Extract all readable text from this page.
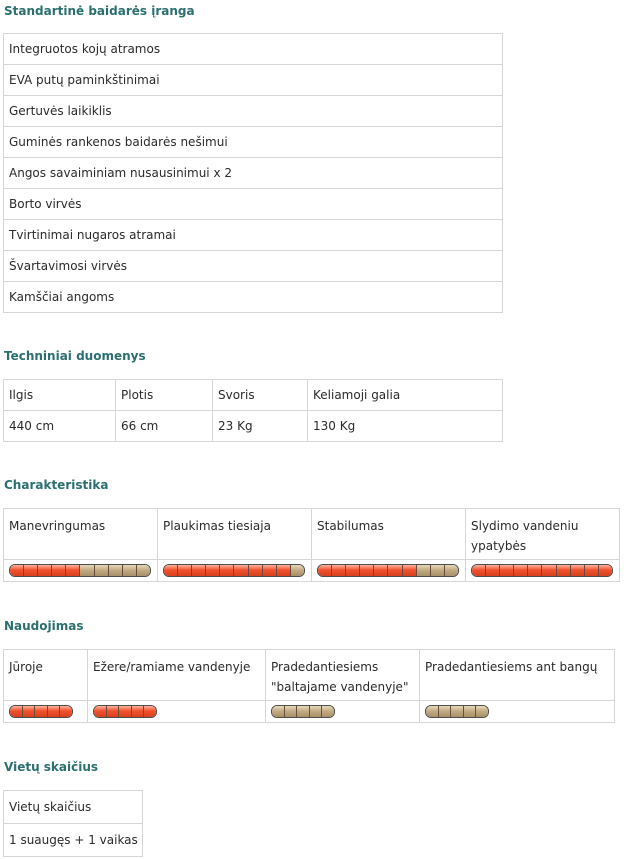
Standartinė baidarės įranga
Integruotos kojų atramos
EVA putų paminkštinimai
Gertuvės laikiklis
Guminės rankenos baidarės nešimui
Angos savaiminiam nusausinimui x 2
Borto virvės
Tvirtinimai nugaros atramai
Švartavimosi virvės
Kamščiai angoms
Techniniai duomenys
Ilgis	Plotis	Svoris	Keliamoji galia
440 cm	66 cm	23 Kg	130 Kg
Charakteristika
Manevringumas	Plaukimas tiesiaja	Stabilumas	Slydimo vandeniu ypatybės

Naudojimas
Jūroje	Ežere/ramiame vandenyje	Pradedantiesiems "baltajame vandenyje"	Pradedantiesiems ant bangų

Vietų skaičius
Vietų skaičius
1 suaugęs + 1 vaikas
